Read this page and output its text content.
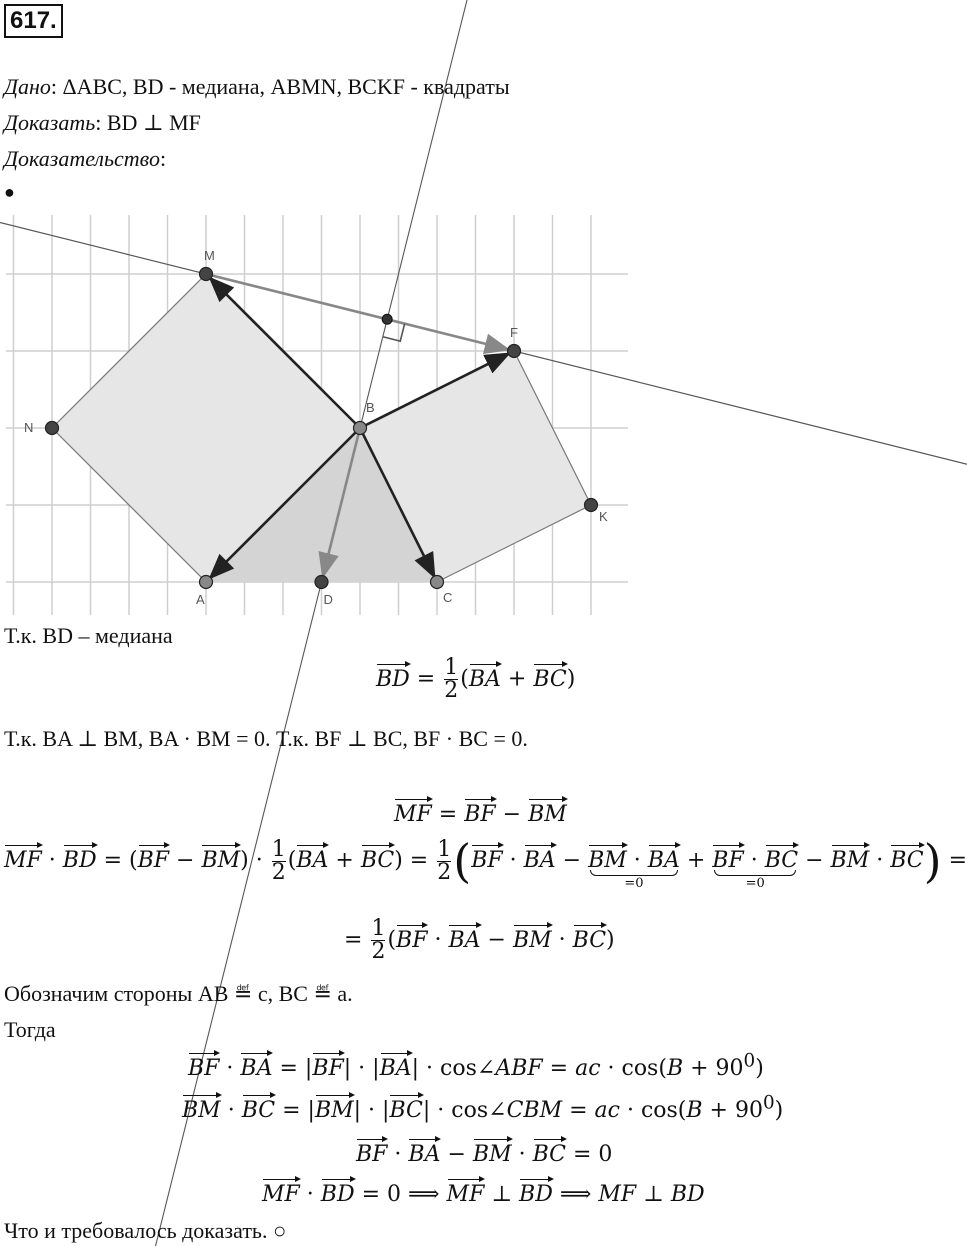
617.
Дано: ΔABC, BD - медиана, ABMN, BCKF - квадраты
Доказать: BD ⊥ MF
Доказательство:
●
M
F
N
B
K
A	D	C
Т.к. BD – медиана
BD = $\frac{1}{2} (BA + BC)$
Т.к. BA ⊥ BM, BA · BM = 0. Т.к. BF ⊥ BC, BF · BC = 0.
MF = BF − BM
MF · BD = $(BF - BM) \cdot \frac{1}{2} (BA + BC) = \frac{1}{2} (BF$ · BA − BM · BA
=0
+ BF · BC
=0
− BM · BC) =
= $\frac{1}{2} (BF$ · BA − BM · BC)
Обозначим стороны AB ≝ c, BC ≝ a.
Тогда
BF · BA = |BF| · |BA| · cos∠ABF = ac · $\cos(B + 90^0)$
BM · BC = |BM| · |BC| · cos∠CBM = ac · $\cos(B + 90^0)$
BF · BA − BM · BC = 0
MF · BD = 0 ⟹ MF ⊥ BD ⟹ MF ⊥ BD
Что и требовалось доказать. ○
